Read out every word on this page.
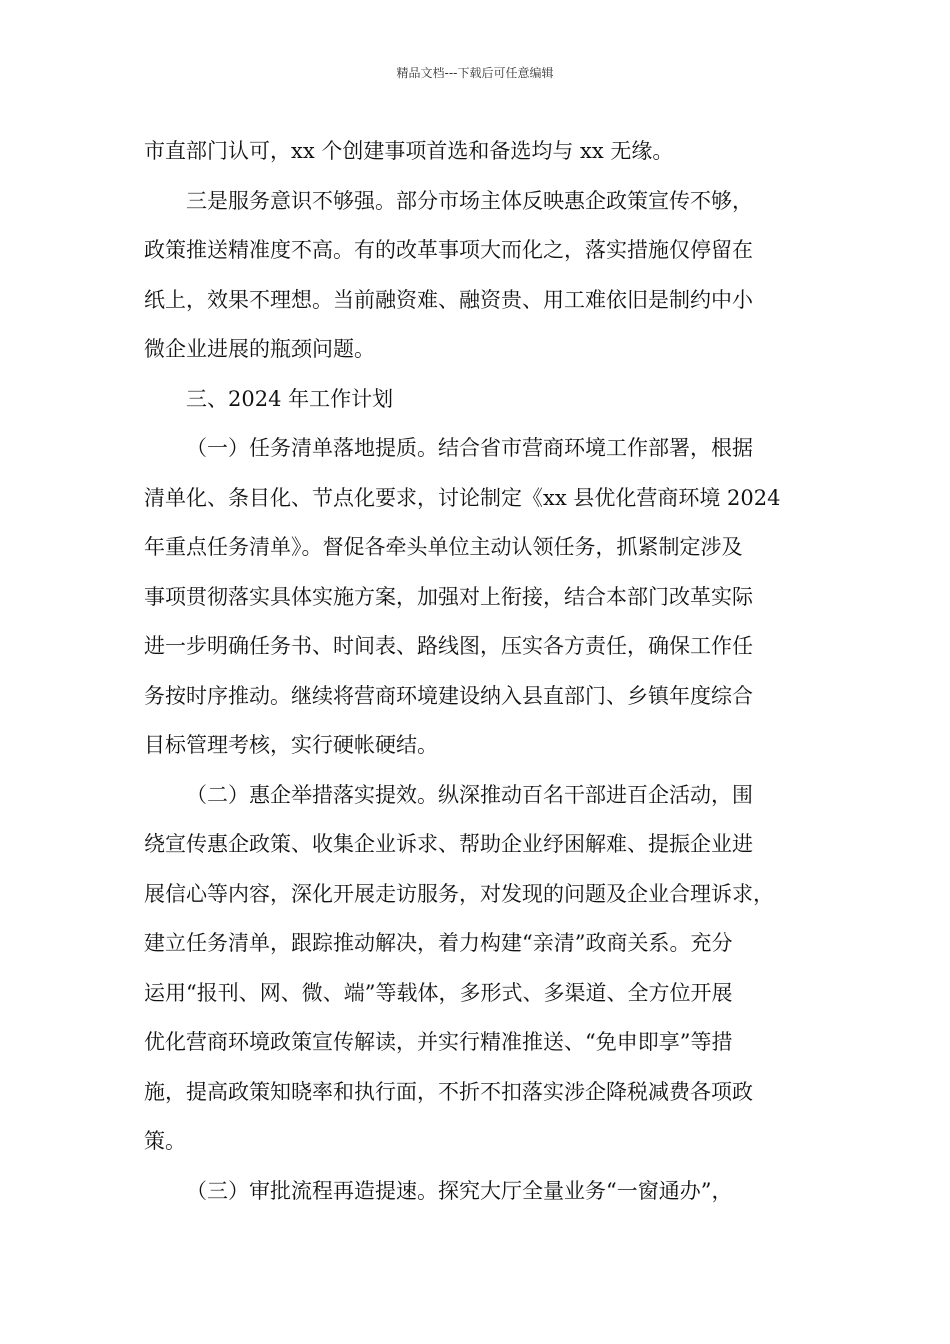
精品文档---下载后可任意编辑
市直部门认可，xx 个创建事项首选和备选均与 xx 无缘。
三是服务意识不够强。部分市场主体反映惠企政策宣传不够，
政策推送精准度不高。有的改革事项大而化之，落实措施仅停留在
纸上，效果不理想。当前融资难、融资贵、用工难依旧是制约中小
微企业进展的瓶颈问题。
三、2024 年工作计划
（一）任务清单落地提质。结合省市营商环境工作部署，根据
清单化、条目化、节点化要求，讨论制定《xx 县优化营商环境 2024
年重点任务清单》。督促各牵头单位主动认领任务，抓紧制定涉及
事项贯彻落实具体实施方案，加强对上衔接，结合本部门改革实际
进一步明确任务书、时间表、路线图，压实各方责任，确保工作任
务按时序推动。继续将营商环境建设纳入县直部门、乡镇年度综合
目标管理考核，实行硬帐硬结。
（二）惠企举措落实提效。纵深推动百名干部进百企活动，围
绕宣传惠企政策、收集企业诉求、帮助企业纾困解难、提振企业进
展信心等内容，深化开展走访服务，对发现的问题及企业合理诉求，
建立任务清单，跟踪推动解决，着力构建“亲清”政商关系。充分
运用“报刊、网、微、端”等载体，多形式、多渠道、全方位开展
优化营商环境政策宣传解读，并实行精准推送、“免申即享”等措
施，提高政策知晓率和执行面，不折不扣落实涉企降税减费各项政
策。
（三）审批流程再造提速。探究大厅全量业务“一窗通办”，
